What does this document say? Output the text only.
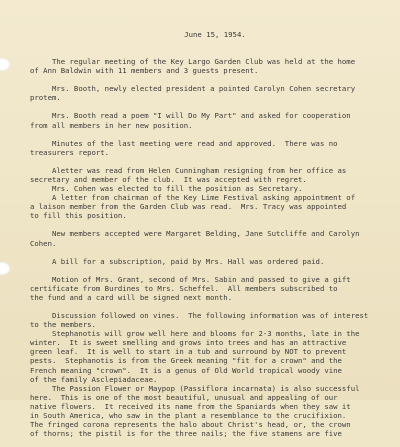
June 15, 1954.
The regular meeting of the Key Largo Garden Club was held at the home
of Ann Baldwin with 11 members and 3 guests present.
Mrs. Booth, newly elected president a pointed Carolyn Cohen secretary
protem.
Mrs. Booth read a poem "I will Do My Part" and asked for cooperation
from all members in her new position.
Minutes of the last meeting were read and approved.  There was no
treasurers report.
Aletter was read from Helen Cunningham resigning from her office as
secretary and member of the club.  It was accepted with regret.
Mrs. Cohen was elected to fill the position as Secretary.
A letter from chairman of the Key Lime Festival asking appointment of
a laison member from the Garden Club was read.  Mrs. Tracy was appointed
to fill this position.
New members accepted were Margaret Belding, Jane Sutcliffe and Carolyn
Cohen.
A bill for a subscription, paid by Mrs. Hall was ordered paid.
Motion of Mrs. Grant, second of Mrs. Sabin and passed to give a gift
certificate from Burdines to Mrs. Scheffel.  All members subscribed to
the fund and a card will be signed next month.
Discussion followed on vines.  The following information was of interest
to the members.
Stephanotis will grow well here and blooms for 2-3 months, late in the
winter.  It is sweet smelling and grows into trees and has an attractive
green leaf.  It is well to start in a tub and surround by NOT to prevent
pests.  Stephanotis is from the Greek meaning "fit for a crown" and the
French meaning "crown".  It is a genus of Old World tropical woody vine
of the family Asclepiadaceae.
The Passion Flower or Maypop (Passiflora incarnata) is also successful
here.  This is one of the most beautiful, unusual and appealing of our
native flowers.  It received its name from the Spaniards when they saw it
in South America, who saw in the plant a resemblance to the crucifixion.
The fringed corona represents the halo about Christ's head, or, the crown
of thorns; the pistil is for the three nails; the five stamens are five
